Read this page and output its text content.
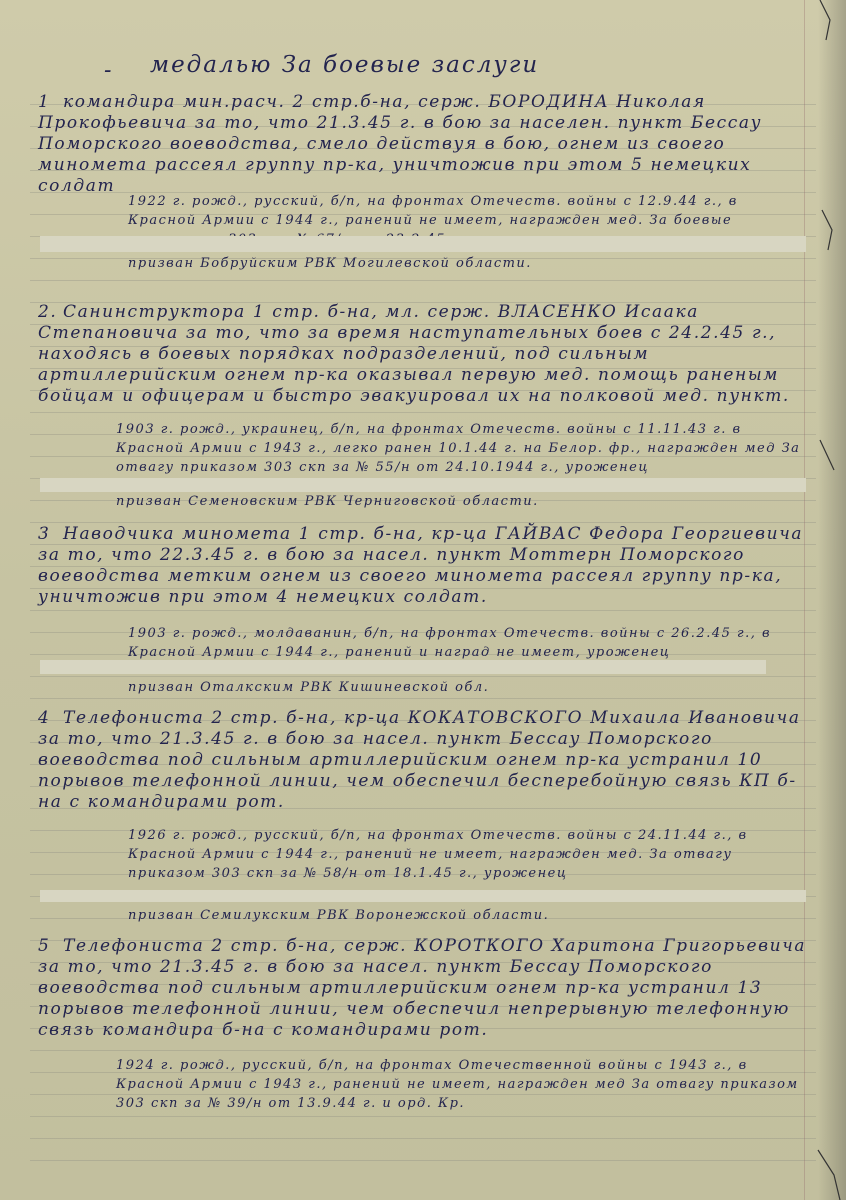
- медалью За боевые заслуги
1 командира мин.расч. 2 стр.б-на, серж. БОРОДИНА Николая Прокофьевича за то, что 21.3.45 г. в бою за населен. пункт Бессау Поморского воеводства, смело действуя в бою, огнем из своего миномета рассеял группу пр-ка, уничтожив при этом 5 немецких солдат
1922 г. рожд., русский, б/п, на фронтах Отечеств. войны с 12.9.44 г., в Красной Армии с 1944 г., ранений не имеет, награжден мед. За боевые
призван Бобруйским РВК Могилевской области.
2. Санинструктора 1 стр. б-на, мл. серж. ВЛАСЕНКО Исаака Степановича за то, что за время наступательных боев с 24.2.45 г., находясь в боевых порядках подразделений, под сильным артиллерийским огнем пр-ка оказывал первую мед. помощь раненым бойцам и офицерам и быстро эвакуировал их на полковой мед. пункт.
1903 г. рожд., украинец, б/п, на фронтах Отечеств. войны с 11.11.43 г. в Красной Армии с 1943 г., легко ранен 10.1.44 г. на Белор. фр., награжден мед За отвагу приказом 303 скп за № 55/н от 24.10.1944 г., уроженец
призван Семеновским РВК Черниговской области.
3 Наводчика миномета 1 стр. б-на, кр-ца ГАЙВАС Федора Георгиевича за то, что 22.3.45 г. в бою за насел. пункт Моттерн Поморского воеводства метким огнем из своего миномета рассеял группу пр-ка, уничтожив при этом 4 немецких солдат.
1903 г. рожд., молдаванин, б/п, на фронтах Отечеств. войны с 26.2.45 г., в Красной Армии с 1944 г., ранений и наград не имеет, уроженец
призван Оталкским РВК Кишиневской обл.
4 Телефониста 2 стр. б-на, кр-ца КОКАТОВСКОГО Михаила Ивановича за то, что 21.3.45 г. в бою за насел. пункт Бессау Поморского воеводства под сильным артиллерийским огнем пр-ка устранил 10 порывов телефонной линии, чем обеспечил бесперебойную связь КП б-на с командирами рот.
1926 г. рожд., русский, б/п, на фронтах Отечеств. войны с 24.11.44 г., в Красной Армии с 1944 г., ранений не имеет, награжден мед. За отвагу приказом 303 скп за № 58/н от 18.1.45 г., уроженец
призван Семилукским РВК Воронежской области.
5 Телефониста 2 стр. б-на, серж. КОРОТКОГО Харитона Григорьевича за то, что 21.3.45 г. в бою за насел. пункт Бессау Поморского воеводства под сильным артиллерийским огнем пр-ка устранил 13 порывов телефонной линии, чем обеспечил непрерывную телефонную связь командира б-на с командирами рот.
1924 г. рожд., русский, б/п, на фронтах Отечественной войны с 1943 г., в Красной Армии с 1943 г., ранений не имеет, награжден мед За отвагу приказом 303 скп за № 39/н от 13.9.44 г. и орд. Кр.
